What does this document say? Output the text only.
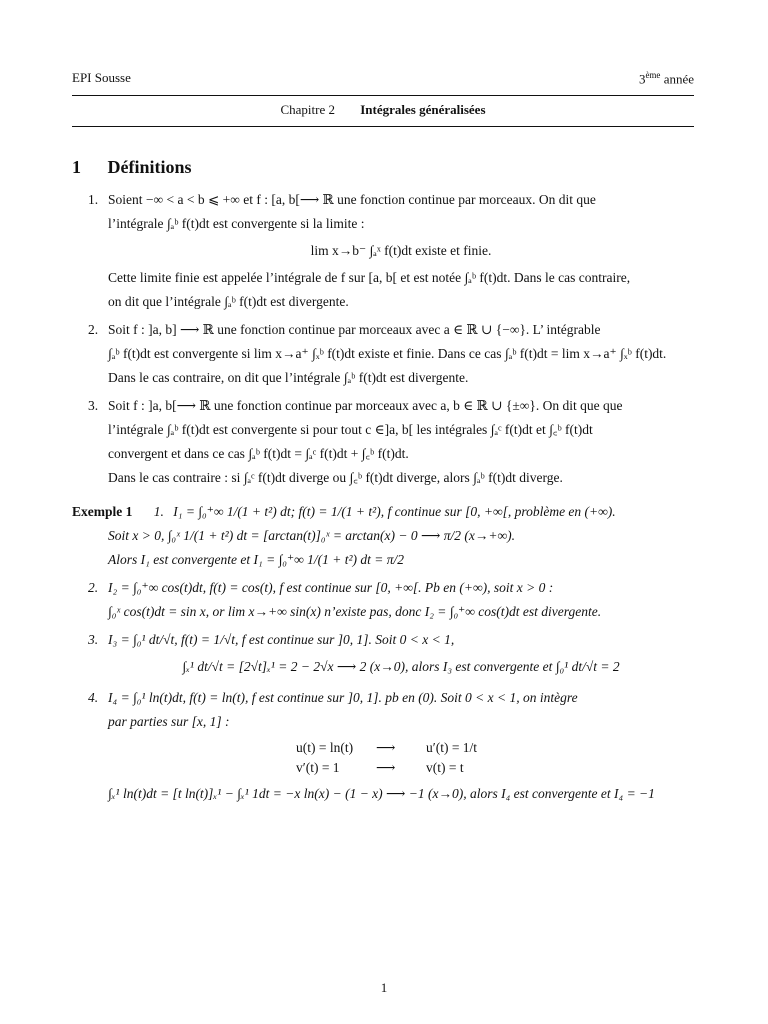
EPI Sousse	3ème année
Chapitre 2 Intégrales généralisées
1 Définitions
1. Soient −∞ < a < b ⩽ +∞ et f : [a, b[⟶ ℝ une fonction continue par morceaux. On dit que
l’intégrale ∫ₐᵇ f(t)dt est convergente si la limite :
lim x→b⁻ ∫ₐˣ f(t)dt existe et finie.
Cette limite finie est appelée l’intégrale de f sur [a, b[ et est notée ∫ₐᵇ f(t)dt. Dans le cas contraire,
on dit que l’intégrale ∫ₐᵇ f(t)dt est divergente.
2. Soit f : ]a, b] ⟶ ℝ une fonction continue par morceaux avec a ∈ ℝ ∪ {−∞}. L’ intégrable
∫ₐᵇ f(t)dt est convergente si lim x→a⁺ ∫ₓᵇ f(t)dt existe et finie. Dans ce cas ∫ₐᵇ f(t)dt = lim x→a⁺ ∫ₓᵇ f(t)dt.
Dans le cas contraire, on dit que l’intégrale ∫ₐᵇ f(t)dt est divergente.
3. Soit f : ]a, b[⟶ ℝ une fonction continue par morceaux avec a, b ∈ ℝ ∪ {±∞}. On dit que que
l’intégrale ∫ₐᵇ f(t)dt est convergente si pour tout c ∈]a, b[ les intégrales ∫ₐᶜ f(t)dt et ∫꜀ᵇ f(t)dt
convergent et dans ce cas ∫ₐᵇ f(t)dt = ∫ₐᶜ f(t)dt + ∫꜀ᵇ f(t)dt.
Dans le cas contraire : si ∫ₐᶜ f(t)dt diverge ou ∫꜀ᵇ f(t)dt diverge, alors ∫ₐᵇ f(t)dt diverge.
Exemple 1 1. I₁ = ∫₀⁺∞ 1/(1 + t²) dt; f(t) = 1/(1 + t²), f continue sur [0, +∞[, problème en (+∞).
Soit x > 0, ∫₀ˣ 1/(1 + t²) dt = [arctan(t)]₀ˣ = arctan(x) − 0 ⟶ π/2 (x→+∞).
Alors I₁ est convergente et I₁ = ∫₀⁺∞ 1/(1 + t²) dt = π/2
2. I₂ = ∫₀⁺∞ cos(t)dt, f(t) = cos(t), f est continue sur [0, +∞[. Pb en (+∞), soit x > 0 :
∫₀ˣ cos(t)dt = sin x, or lim x→+∞ sin(x) n’existe pas, donc I₂ = ∫₀⁺∞ cos(t)dt est divergente.
3. I₃ = ∫₀¹ dt/√t, f(t) = 1/√t, f est continue sur ]0, 1]. Soit 0 < x < 1,
∫ₓ¹ dt/√t = [2√t]ₓ¹ = 2 − 2√x ⟶ 2 (x→0), alors I₃ est convergente et ∫₀¹ dt/√t = 2
4. I₄ = ∫₀¹ ln(t)dt, f(t) = ln(t), f est continue sur ]0, 1]. pb en (0). Soit 0 < x < 1, on intègre
par parties sur [x, 1] :
u(t) = ln(t)	⟶	u′(t) = 1/t
v′(t) = 1	⟶	v(t) = t
∫ₓ¹ ln(t)dt = [t ln(t)]ₓ¹ − ∫ₓ¹ 1dt = −x ln(x) − (1 − x) ⟶ −1 (x→0), alors I₄ est convergente et I₄ = −1
1
